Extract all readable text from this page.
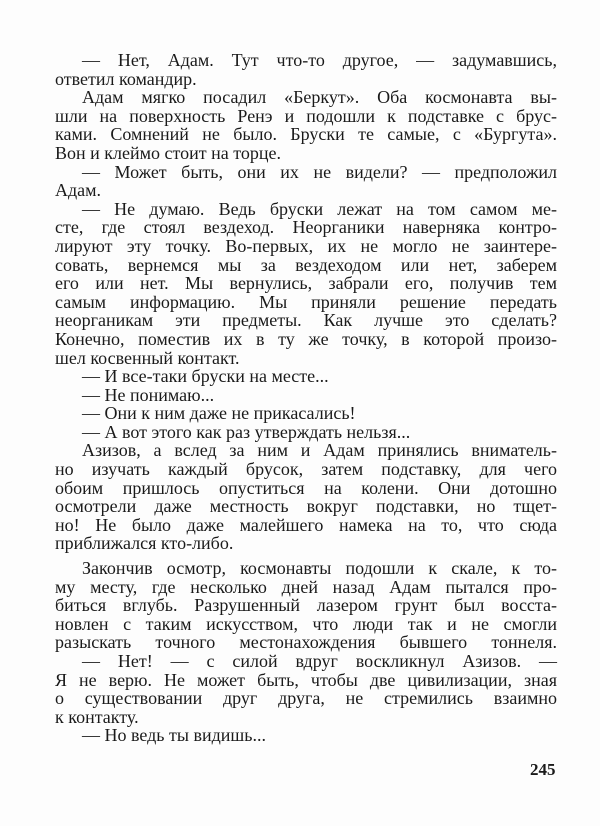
— Нет, Адам. Тут что-то другое, — задумавшись,
ответил командир.
Адам мягко посадил «Беркут». Оба космонавта вы-
шли на поверхность Ренэ и подошли к подставке с брус-
ками. Сомнений не было. Бруски те самые, с «Бургута».
Вон и клеймо стоит на торце.
— Может быть, они их не видели? — предположил
Адам.
— Не думаю. Ведь бруски лежат на том самом ме-
сте, где стоял вездеход. Неорганики наверняка контро-
лируют эту точку. Во-первых, их не могло не заинтере-
совать, вернемся мы за вездеходом или нет, заберем
его или нет. Мы вернулись, забрали его, получив тем
самым информацию. Мы приняли решение передать
неорганикам эти предметы. Как лучше это сделать?
Конечно, поместив их в ту же точку, в которой произо-
шел косвенный контакт.
— И все-таки бруски на месте...
— Не понимаю...
— Они к ним даже не прикасались!
— А вот этого как раз утверждать нельзя...
Азизов, а вслед за ним и Адам принялись вниматель-
но изучать каждый брусок, затем подставку, для чего
обоим пришлось опуститься на колени. Они дотошно
осмотрели даже местность вокруг подставки, но тщет-
но! Не было даже малейшего намека на то, что сюда
приближался кто-либо.
Закончив осмотр, космонавты подошли к скале, к то-
му месту, где несколько дней назад Адам пытался про-
биться вглубь. Разрушенный лазером грунт был восста-
новлен с таким искусством, что люди так и не смогли
разыскать точного местонахождения бывшего тоннеля.
— Нет! — с силой вдруг воскликнул Азизов. —
Я не верю. Не может быть, чтобы две цивилизации, зная
о существовании друг друга, не стремились взаимно
к контакту.
— Но ведь ты видишь...
245
